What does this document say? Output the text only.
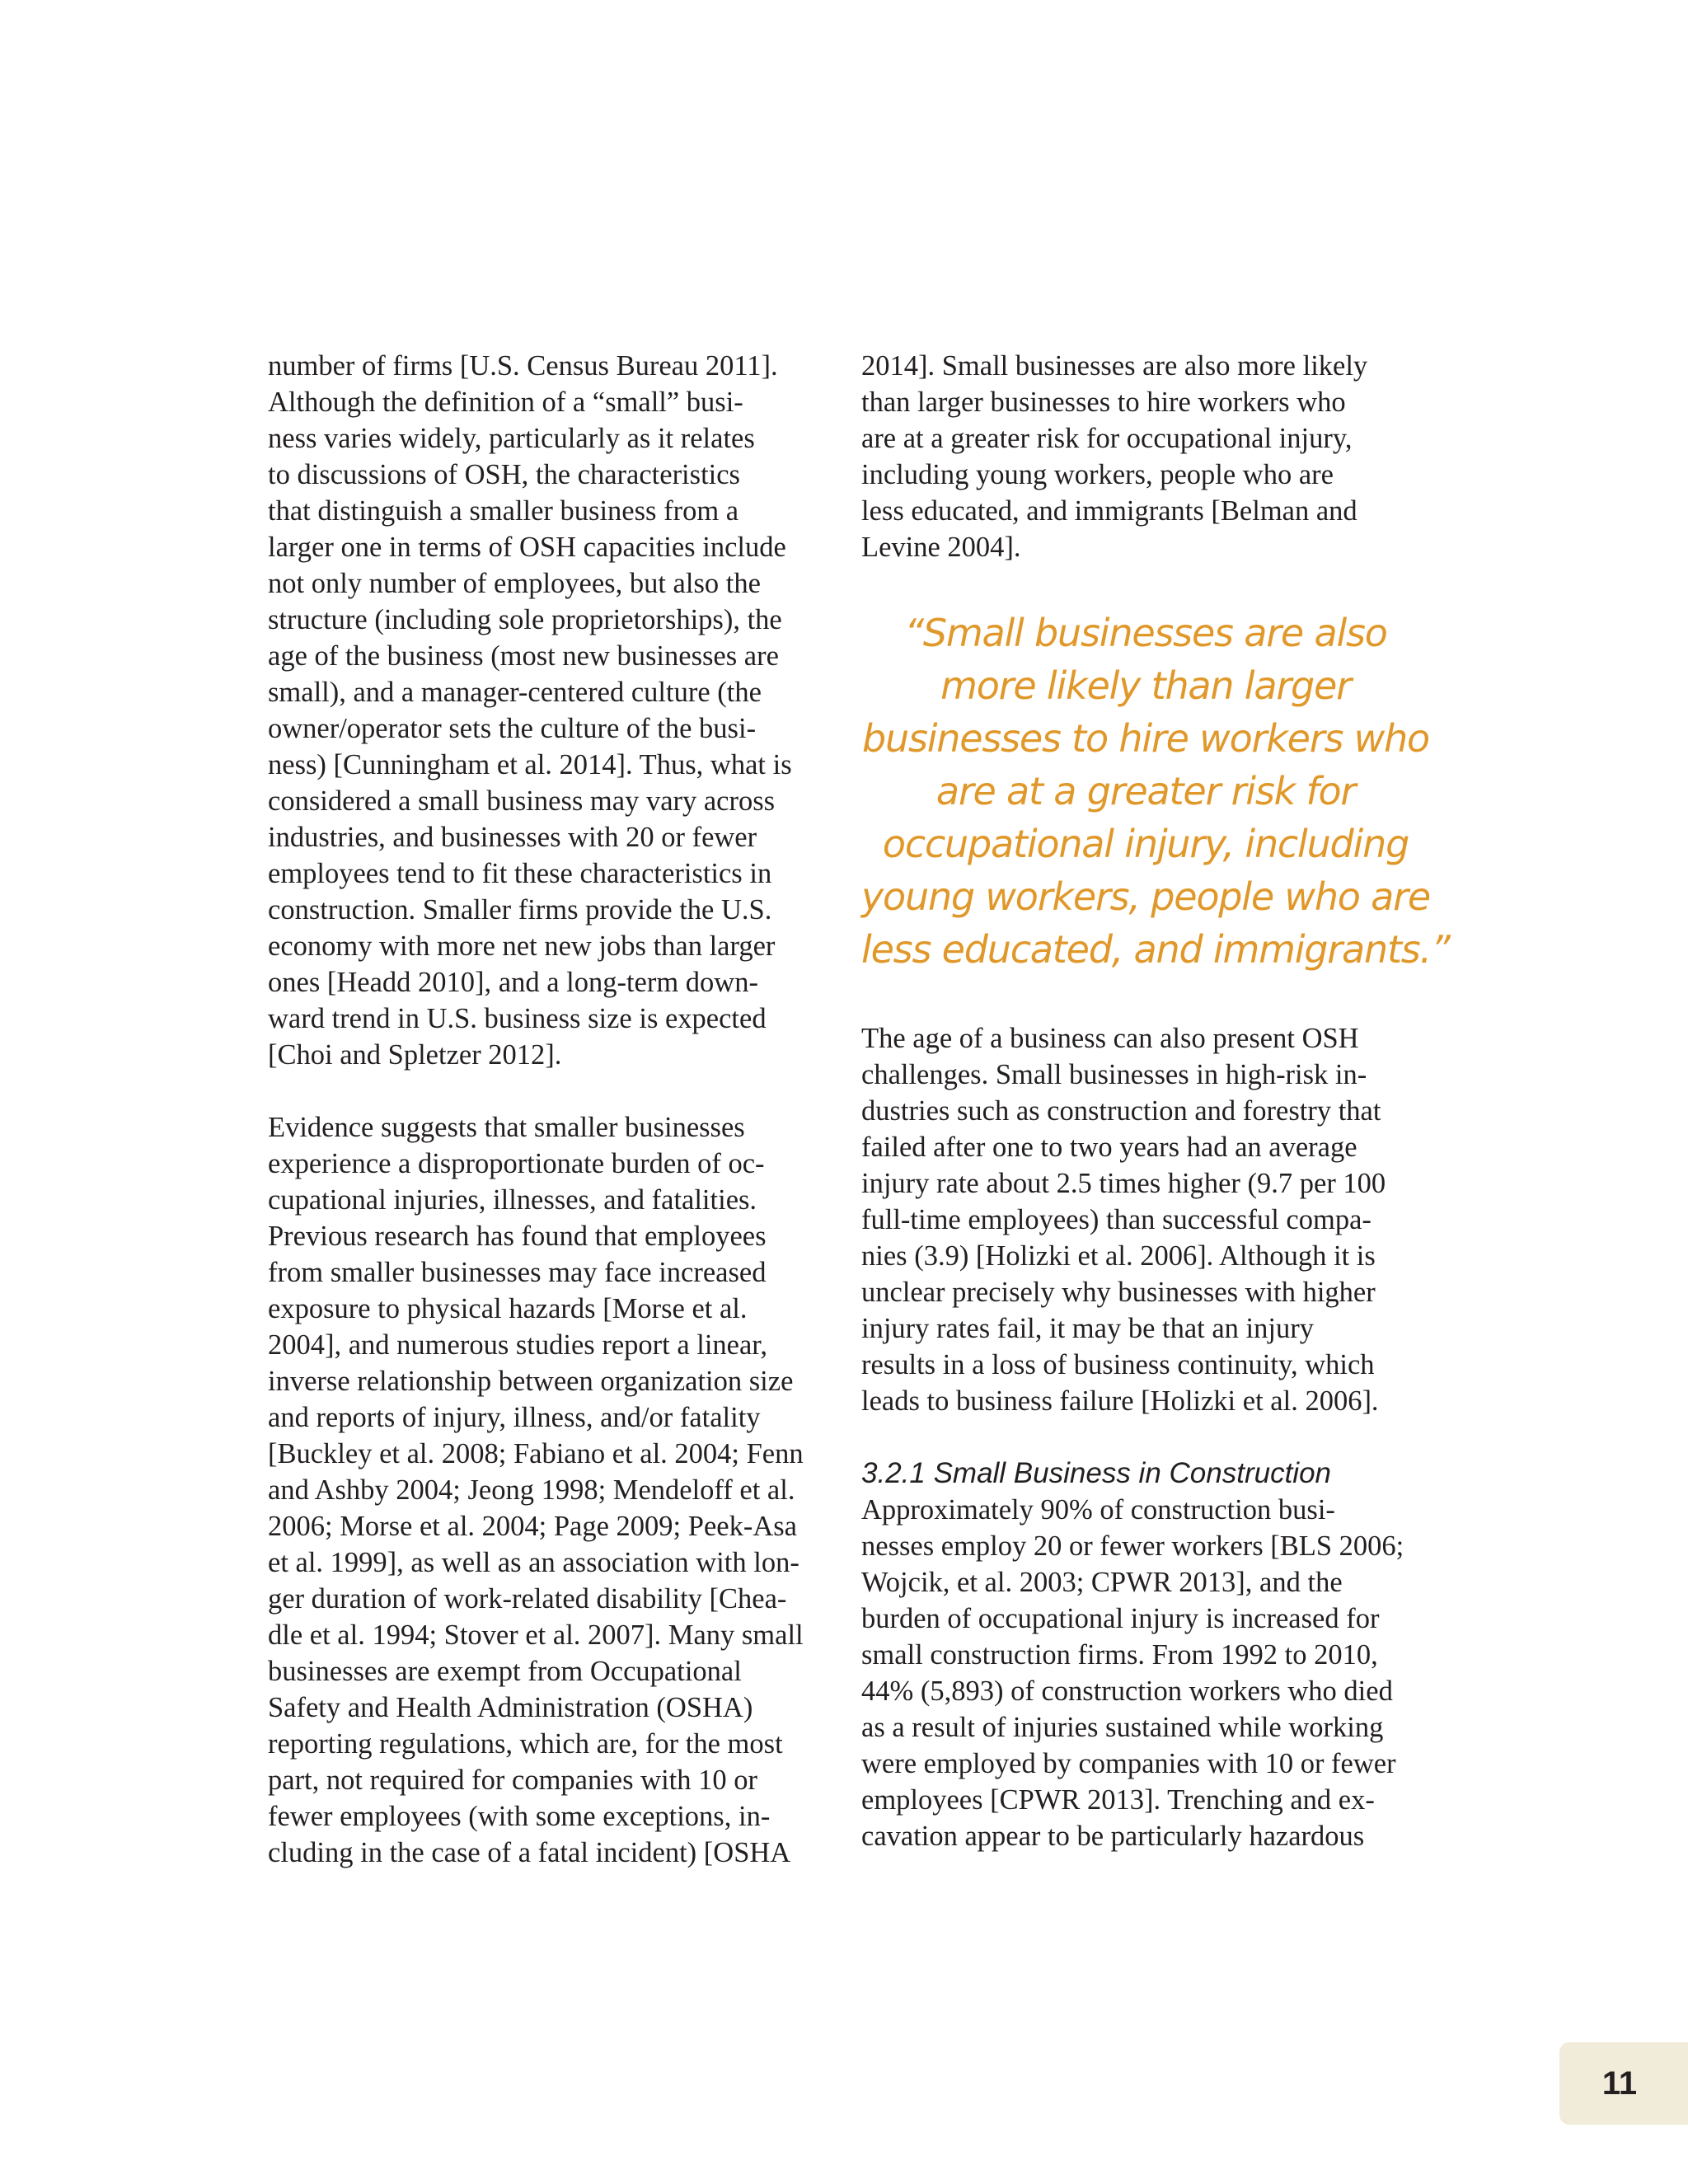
number of firms [U.S. Census Bureau 2011].
Although the definition of a “small” busi-
ness varies widely, particularly as it relates
to discussions of OSH, the characteristics
that distinguish a smaller business from a
larger one in terms of OSH capacities include
not only number of employees, but also the
structure (including sole proprietorships), the
age of the business (most new businesses are
small), and a manager-centered culture (the
owner/operator sets the culture of the busi-
ness) [Cunningham et al. 2014]. Thus, what is
considered a small business may vary across
industries, and businesses with 20 or fewer
employees tend to fit these characteristics in
construction. Smaller firms provide the U.S.
economy with more net new jobs than larger
ones [Headd 2010], and a long-term down-
ward trend in U.S. business size is expected
[Choi and Spletzer 2012].
Evidence suggests that smaller businesses
experience a disproportionate burden of oc-
cupational injuries, illnesses, and fatalities.
Previous research has found that employees
from smaller businesses may face increased
exposure to physical hazards [Morse et al.
2004], and numerous studies report a linear,
inverse relationship between organization size
and reports of injury, illness, and/or fatality
[Buckley et al. 2008; Fabiano et al. 2004; Fenn
and Ashby 2004; Jeong 1998; Mendeloff et al.
2006; Morse et al. 2004; Page 2009; Peek-Asa
et al. 1999], as well as an association with lon-
ger duration of work-related disability [Chea-
dle et al. 1994; Stover et al. 2007]. Many small
businesses are exempt from Occupational
Safety and Health Administration (OSHA)
reporting regulations, which are, for the most
part, not required for companies with 10 or
fewer employees (with some exceptions, in-
cluding in the case of a fatal incident) [OSHA
2014]. Small businesses are also more likely
than larger businesses to hire workers who
are at a greater risk for occupational injury,
including young workers, people who are
less educated, and immigrants [Belman and
Levine 2004].
“Small businesses are also
more likely than larger
businesses to hire workers who
are at a greater risk for
occupational injury, including
young workers, people who are
less educated, and immigrants.”
The age of a business can also present OSH
challenges. Small businesses in high-risk in-
dustries such as construction and forestry that
failed after one to two years had an average
injury rate about 2.5 times higher (9.7 per 100
full-time employees) than successful compa-
nies (3.9) [Holizki et al. 2006]. Although it is
unclear precisely why businesses with higher
injury rates fail, it may be that an injury
results in a loss of business continuity, which
leads to business failure [Holizki et al. 2006].
3.2.1 Small Business in Construction
Approximately 90% of construction busi-
nesses employ 20 or fewer workers [BLS 2006;
Wojcik, et al. 2003; CPWR 2013], and the
burden of occupational injury is increased for
small construction firms. From 1992 to 2010,
44% (5,893) of construction workers who died
as a result of injuries sustained while working
were employed by companies with 10 or fewer
employees [CPWR 2013]. Trenching and ex-
cavation appear to be particularly hazardous
11
